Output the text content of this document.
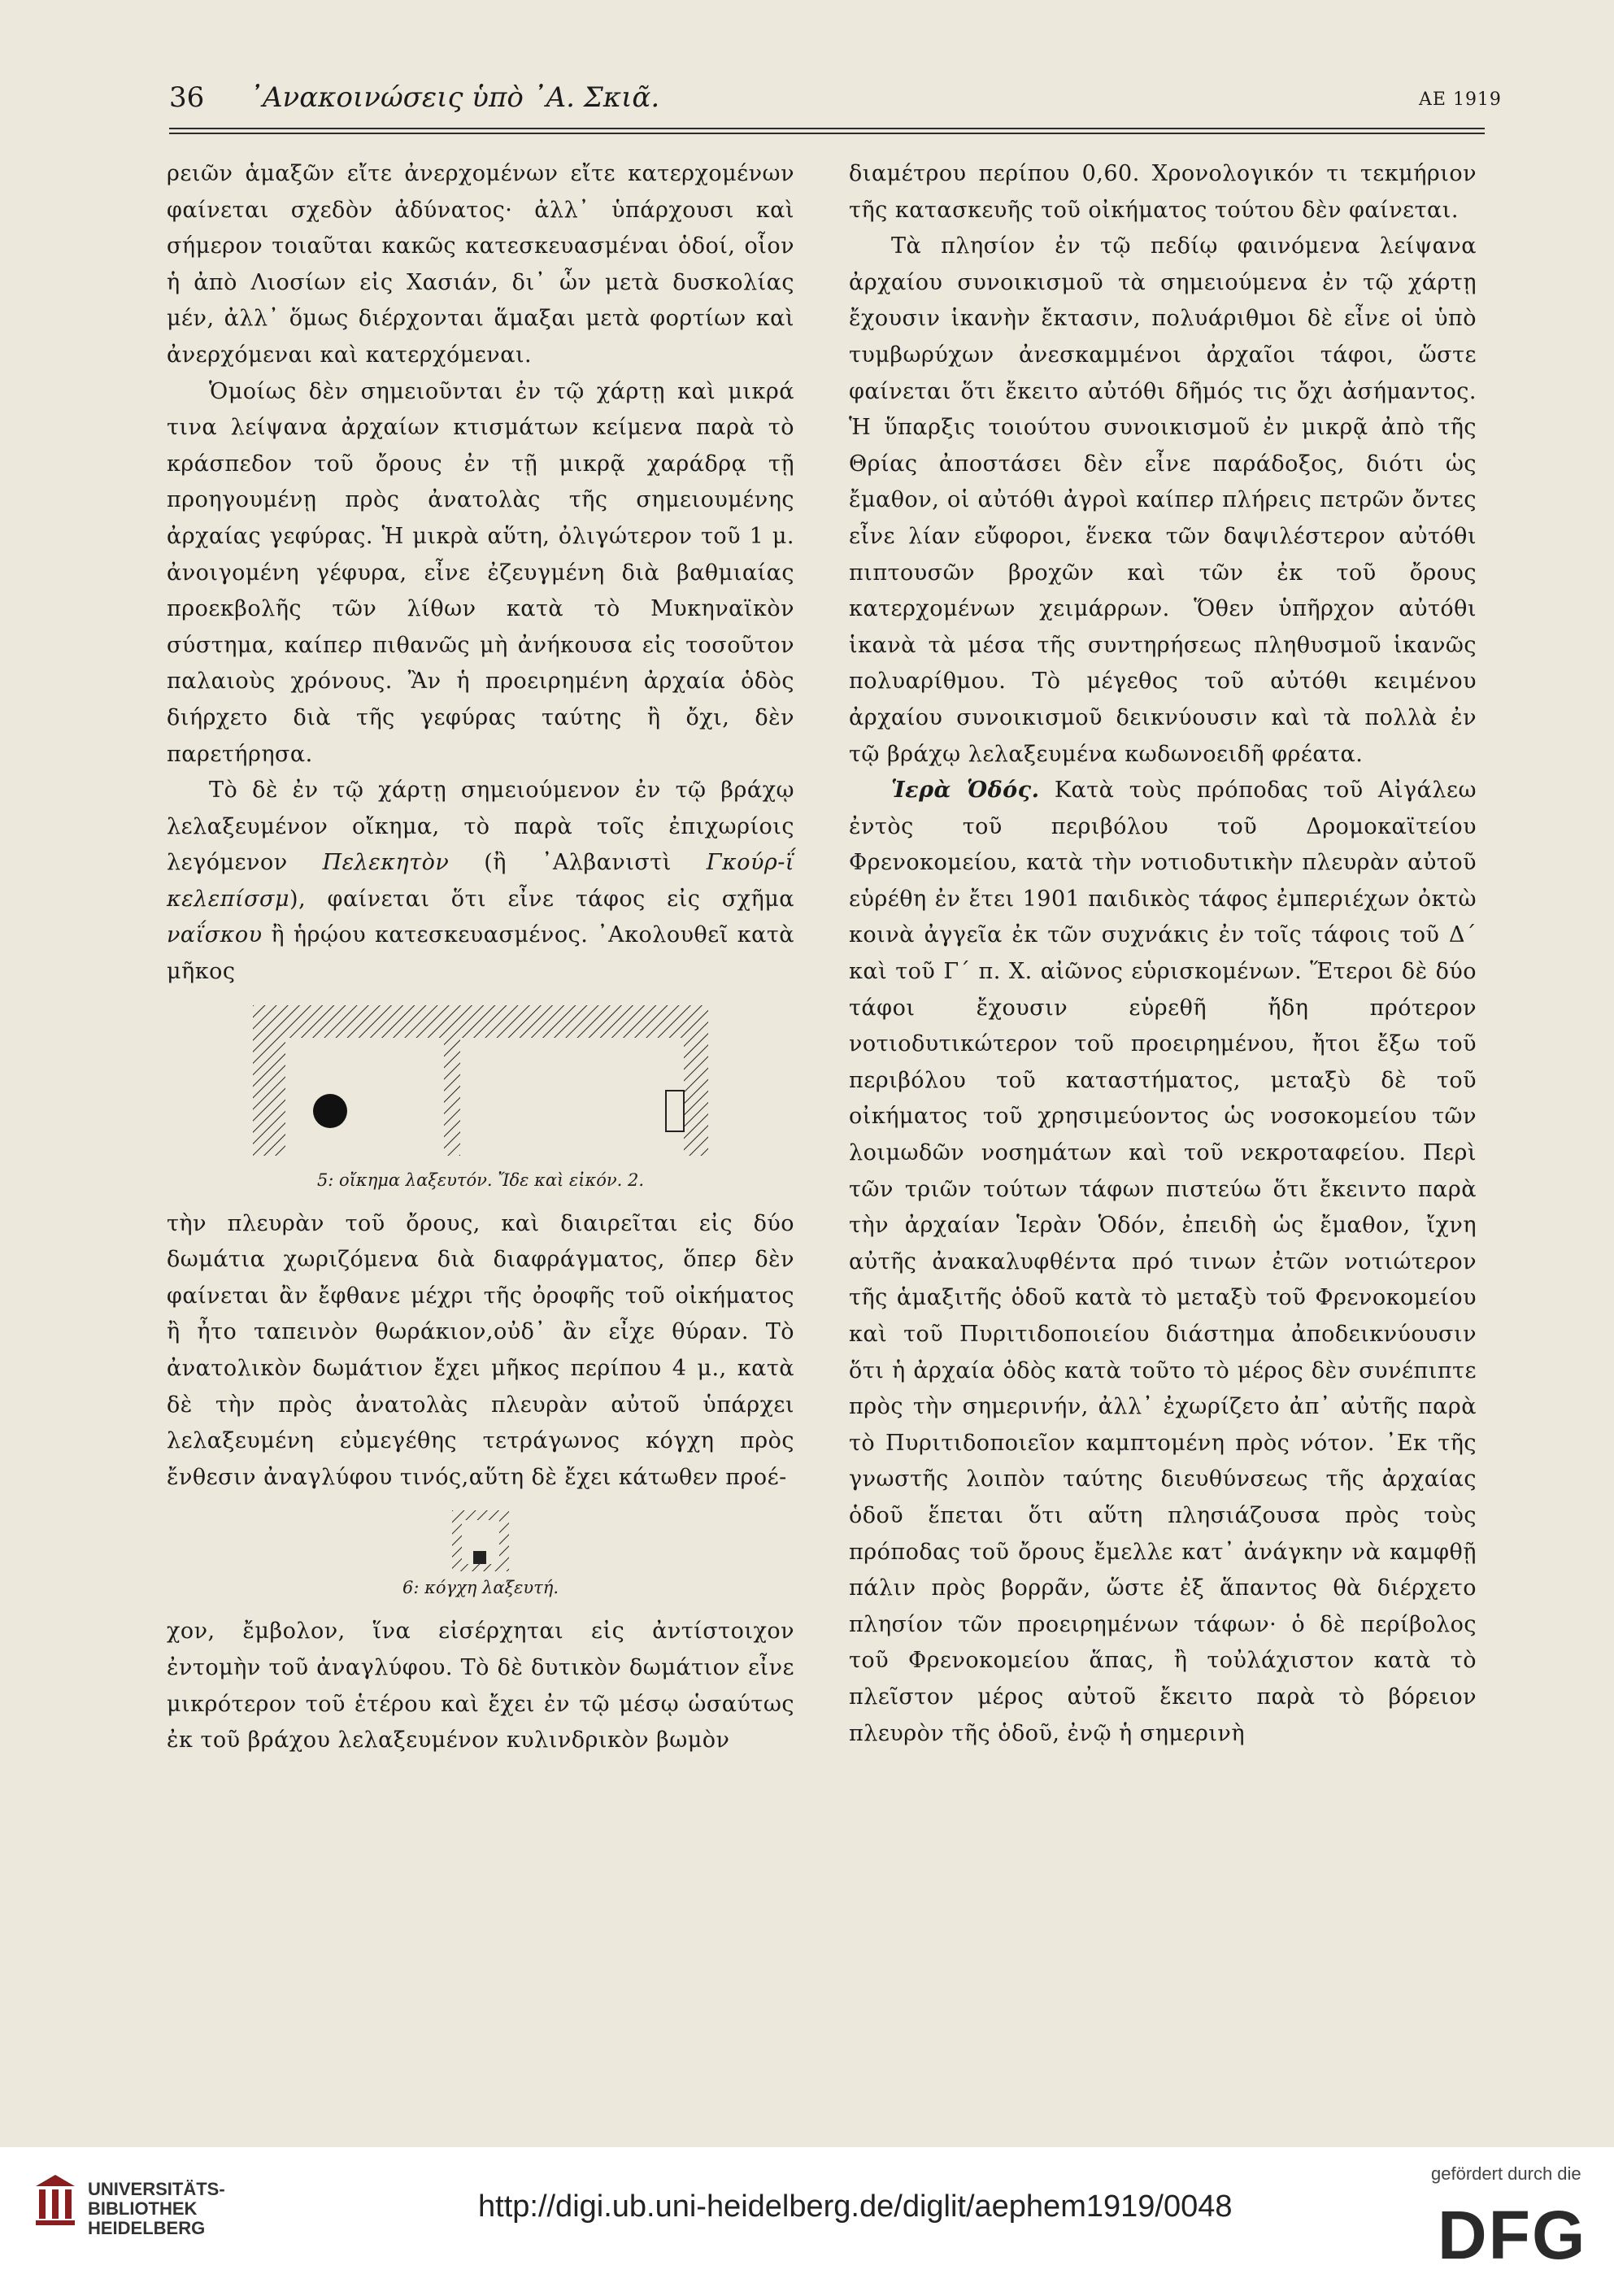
36 ᾿Ανακοινώσεις ὑπὸ ᾿Α. Σκιᾶ.	ΑΕ 1919

ρειῶν ἁμαξῶν εἴτε ἀνερχομένων εἴτε κατερχομένων φαίνεται σχεδὸν ἀδύνατος· ἀλλ᾿ ὑπάρχουσι καὶ σήμερον τοιαῦται κακῶς κατεσκευασμέναι ὁδοί, οἷον ἡ ἀπὸ Λιοσίων εἰς Χασιάν, δι᾿ ὧν μετὰ δυσκολίας μέν, ἀλλ᾿ ὅμως διέρχονται ἅμαξαι μετὰ φορτίων καὶ ἀνερχόμεναι καὶ κατερχόμεναι.

Ὁμοίως δὲν σημειοῦνται ἐν τῷ χάρτῃ καὶ μικρά τινα λείψανα ἀρχαίων κτισμάτων κείμενα παρὰ τὸ κράσπεδον τοῦ ὄρους ἐν τῇ μικρᾷ χαράδρᾳ τῇ προηγουμένῃ πρὸς ἀνατολὰς τῆς σημειουμένης ἀρχαίας γεφύρας. Ἡ μικρὰ αὕτη, ὀλιγώτερον τοῦ 1 μ. ἀνοιγομένη γέφυρα, εἶνε ἐζευγμένη διὰ βαθμιαίας προεκβολῆς τῶν λίθων κατὰ τὸ Μυκηναϊκὸν σύστημα, καίπερ πιθανῶς μὴ ἀνήκουσα εἰς τοσοῦτον παλαιοὺς χρόνους. Ἂν ἡ προειρημένη ἀρχαία ὁδὸς διήρχετο διὰ τῆς γεφύρας ταύτης ἢ ὄχι, δὲν παρετήρησα.

Τὸ δὲ ἐν τῷ χάρτῃ σημειούμενον ἐν τῷ βράχῳ λελαξευμένον οἴκημα, τὸ παρὰ τοῖς ἐπιχωρίοις λεγόμενον Πελεκητὸν (ἢ ᾿Αλβανιστὶ Γκούρ-ΐ κελεπίσσμ), φαίνεται ὅτι εἶνε τάφος εἰς σχῆμα ναΐσκου ἢ ἡρῴου κατεσκευασμένος. ᾿Ακολουθεῖ κατὰ μῆκος

5: οἴκημα λαξευτόν. Ἴδε καὶ εἰκόν. 2.

τὴν πλευρὰν τοῦ ὄρους, καὶ διαιρεῖται εἰς δύο δωμάτια χωριζόμενα διὰ διαφράγματος, ὅπερ δὲν φαίνεται ἂν ἔφθανε μέχρι τῆς ὀροφῆς τοῦ οἰκήματος ἢ ἦτο ταπεινὸν θωράκιον,οὐδ᾿ ἂν εἶχε θύραν. Τὸ ἀνατολικὸν δωμάτιον ἔχει μῆκος περίπου 4 μ., κατὰ δὲ τὴν πρὸς ἀνατολὰς πλευρὰν αὐτοῦ ὑπάρχει λελαξευμένη εὐμεγέθης τετράγωνος κόγχη πρὸς ἔνθεσιν ἀναγλύφου τινός,αὕτη δὲ ἔχει κάτωθεν προέ-

6: κόγχη λαξευτή.

χον, ἔμβολον, ἵνα εἰσέρχηται εἰς ἀντίστοιχον ἐντομὴν τοῦ ἀναγλύφου. Τὸ δὲ δυτικὸν δωμάτιον εἶνε μικρότερον τοῦ ἑτέρου καὶ ἔχει ἐν τῷ μέσῳ ὡσαύτως ἐκ τοῦ βράχου λελαξευμένον κυλινδρικὸν βωμὸν

διαμέτρου περίπου 0,60. Χρονολογικόν τι τεκμήριον τῆς κατασκευῆς τοῦ οἰκήματος τούτου δὲν φαίνεται.

Τὰ πλησίον ἐν τῷ πεδίῳ φαινόμενα λείψανα ἀρχαίου συνοικισμοῦ τὰ σημειούμενα ἐν τῷ χάρτῃ ἔχουσιν ἱκανὴν ἔκτασιν, πολυάριθμοι δὲ εἶνε οἱ ὑπὸ τυμβωρύχων ἀνεσκαμμένοι ἀρχαῖοι τάφοι, ὥστε φαίνεται ὅτι ἔκειτο αὐτόθι δῆμός τις ὄχι ἀσήμαντος. Ἡ ὕπαρξις τοιούτου συνοικισμοῦ ἐν μικρᾷ ἀπὸ τῆς Θρίας ἀποστάσει δὲν εἶνε παράδοξος, διότι ὡς ἔμαθον, οἱ αὐτόθι ἀγροὶ καίπερ πλήρεις πετρῶν ὄντες εἶνε λίαν εὔφοροι, ἕνεκα τῶν δαψιλέστερον αὐτόθι πιπτουσῶν βροχῶν καὶ τῶν ἐκ τοῦ ὄρους κατερχομένων χειμάρρων. Ὅθεν ὑπῆρχον αὐτόθι ἱκανὰ τὰ μέσα τῆς συντηρήσεως πληθυσμοῦ ἱκανῶς πολυαρίθμου. Τὸ μέγεθος τοῦ αὐτόθι κειμένου ἀρχαίου συνοικισμοῦ δεικνύουσιν καὶ τὰ πολλὰ ἐν τῷ βράχῳ λελαξευμένα κωδωνοειδῆ φρέατα.

Ἱερὰ Ὁδός. Κατὰ τοὺς πρόποδας τοῦ Αἰγάλεω ἐντὸς τοῦ περιβόλου τοῦ Δρομοκαϊτείου Φρενοκομείου, κατὰ τὴν νοτιοδυτικὴν πλευρὰν αὐτοῦ εὑρέθη ἐν ἔτει 1901 παιδικὸς τάφος ἐμπεριέχων ὀκτὼ κοινὰ ἀγγεῖα ἐκ τῶν συχνάκις ἐν τοῖς τάφοις τοῦ Δ´ καὶ τοῦ Γ´ π. Χ. αἰῶνος εὑρισκομένων. Ἕτεροι δὲ δύο τάφοι ἔχουσιν εὑρεθῆ ἤδη πρότερον νοτιοδυτικώτερον τοῦ προειρημένου, ἤτοι ἔξω τοῦ περιβόλου τοῦ καταστήματος, μεταξὺ δὲ τοῦ οἰκήματος τοῦ χρησιμεύοντος ὡς νοσοκομείου τῶν λοιμωδῶν νοσημάτων καὶ τοῦ νεκροταφείου. Περὶ τῶν τριῶν τούτων τάφων πιστεύω ὅτι ἔκειντο παρὰ τὴν ἀρχαίαν Ἱερὰν Ὁδόν, ἐπειδὴ ὡς ἔμαθον, ἴχνη αὐτῆς ἀνακαλυφθέντα πρό τινων ἐτῶν νοτιώτερον τῆς ἁμαξιτῆς ὁδοῦ κατὰ τὸ μεταξὺ τοῦ Φρενοκομείου καὶ τοῦ Πυριτιδοποιείου διάστημα ἀποδεικνύουσιν ὅτι ἡ ἀρχαία ὁδὸς κατὰ τοῦτο τὸ μέρος δὲν συνέπιπτε πρὸς τὴν σημερινήν, ἀλλ᾿ ἐχωρίζετο ἀπ᾿ αὐτῆς παρὰ τὸ Πυριτιδοποιεῖον καμπτομένη πρὸς νότον. ᾿Εκ τῆς γνωστῆς λοιπὸν ταύτης διευθύνσεως τῆς ἀρχαίας ὁδοῦ ἕπεται ὅτι αὕτη πλησιάζουσα πρὸς τοὺς πρόποδας τοῦ ὄρους ἔμελλε κατ᾿ ἀνάγκην νὰ καμφθῇ πάλιν πρὸς βορρᾶν, ὥστε ἐξ ἅπαντος θὰ διέρχετο πλησίον τῶν προειρημένων τάφων· ὁ δὲ περίβολος τοῦ Φρενοκομείου ἅπας, ἢ τοὐλάχιστον κατὰ τὸ πλεῖστον μέρος αὐτοῦ ἔκειτο παρὰ τὸ βόρειον πλευρὸν τῆς ὁδοῦ, ἐνῷ ἡ σημερινὴ

UNIVERSITÄTS-
BIBLIOTHEK
HEIDELBERG
http://digi.ub.uni-heidelberg.de/diglit/aephem1919/0048
gefördert durch die
DFG
